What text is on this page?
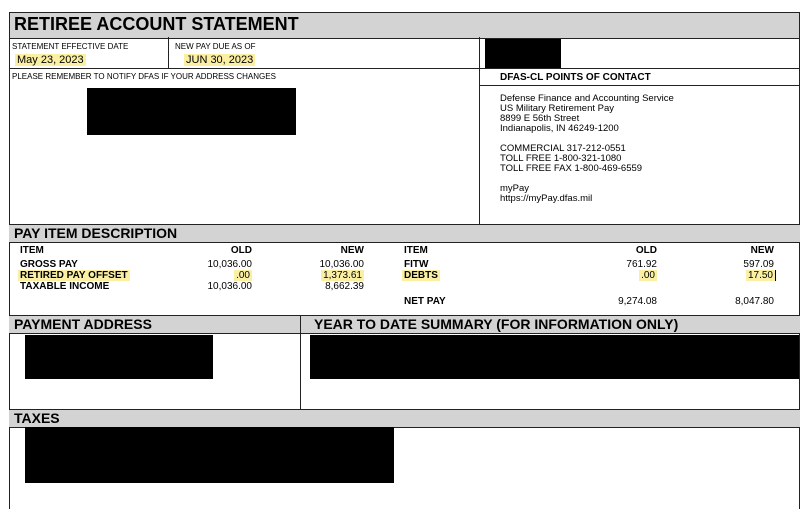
RETIREE ACCOUNT STATEMENT
STATEMENT EFFECTIVE DATE
May 23, 2023
NEW PAY DUE AS OF
JUN 30, 2023
PLEASE REMEMBER TO NOTIFY DFAS IF YOUR ADDRESS CHANGES	DFAS-CL POINTS OF CONTACT
Defense Finance and Accounting Service
US Military Retirement Pay
8899 E 56th Street
Indianapolis, IN 46249-1200
COMMERCIAL 317-212-0551
TOLL FREE 1-800-321-1080
TOLL FREE FAX 1-800-469-6559
myPay
https://myPay.dfas.mil
PAY ITEM DESCRIPTION
ITEM	OLD	NEW
GROSS PAY	10,036.00	10,036.00
RETIRED PAY OFFSET	.00	1,373.61
TAXABLE INCOME	10,036.00	8,662.39
ITEM	OLD	NEW
FITW	761.92	597.09
DEBTS	.00	17.50
NET PAY	9,274.08	8,047.80
PAYMENT ADDRESS	YEAR TO DATE SUMMARY (FOR INFORMATION ONLY)
TAXES
